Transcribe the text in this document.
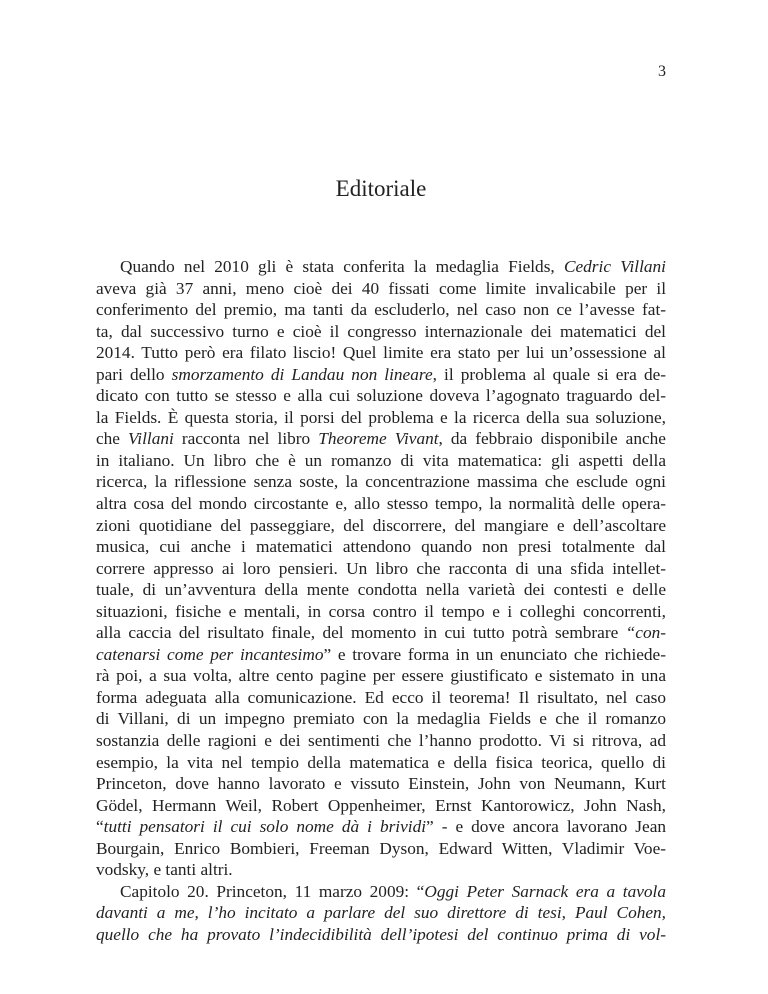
3
Editoriale
Quando nel 2010 gli è stata conferita la medaglia Fields, Cedric Villani
aveva già 37 anni, meno cioè dei 40 fissati come limite invalicabile per il
conferimento del premio, ma tanti da escluderlo, nel caso non ce l’avesse fat-
ta, dal successivo turno e cioè il congresso internazionale dei matematici del
2014. Tutto però era filato liscio! Quel limite era stato per lui un’ossessione al
pari dello smorzamento di Landau non lineare, il problema al quale si era de-
dicato con tutto se stesso e alla cui soluzione doveva l’agognato traguardo del-
la Fields. È questa storia, il porsi del problema e la ricerca della sua soluzione,
che Villani racconta nel libro Theoreme Vivant, da febbraio disponibile anche
in italiano. Un libro che è un romanzo di vita matematica: gli aspetti della
ricerca, la riflessione senza soste, la concentrazione massima che esclude ogni
altra cosa del mondo circostante e, allo stesso tempo, la normalità delle opera-
zioni quotidiane del passeggiare, del discorrere, del mangiare e dell’ascoltare
musica, cui anche i matematici attendono quando non presi totalmente dal
correre appresso ai loro pensieri. Un libro che racconta di una sfida intellet-
tuale, di un’avventura della mente condotta nella varietà dei contesti e delle
situazioni, fisiche e mentali, in corsa contro il tempo e i colleghi concorrenti,
alla caccia del risultato finale, del momento in cui tutto potrà sembrare “con-
catenarsi come per incantesimo” e trovare forma in un enunciato che richiede-
rà poi, a sua volta, altre cento pagine per essere giustificato e sistemato in una
forma adeguata alla comunicazione. Ed ecco il teorema! Il risultato, nel caso
di Villani, di un impegno premiato con la medaglia Fields e che il romanzo
sostanzia delle ragioni e dei sentimenti che l’hanno prodotto. Vi si ritrova, ad
esempio, la vita nel tempio della matematica e della fisica teorica, quello di
Princeton, dove hanno lavorato e vissuto Einstein, John von Neumann, Kurt
Gödel, Hermann Weil, Robert Oppenheimer, Ernst Kantorowicz, John Nash,
“tutti pensatori il cui solo nome dà i brividi” - e dove ancora lavorano Jean
Bourgain, Enrico Bombieri, Freeman Dyson, Edward Witten, Vladimir Voe-
vodsky, e tanti altri.
Capitolo 20. Princeton, 11 marzo 2009: “Oggi Peter Sarnack era a tavola
davanti a me, l’ho incitato a parlare del suo direttore di tesi, Paul Cohen,
quello che ha provato l’indecidibilità dell’ipotesi del continuo prima di vol-
